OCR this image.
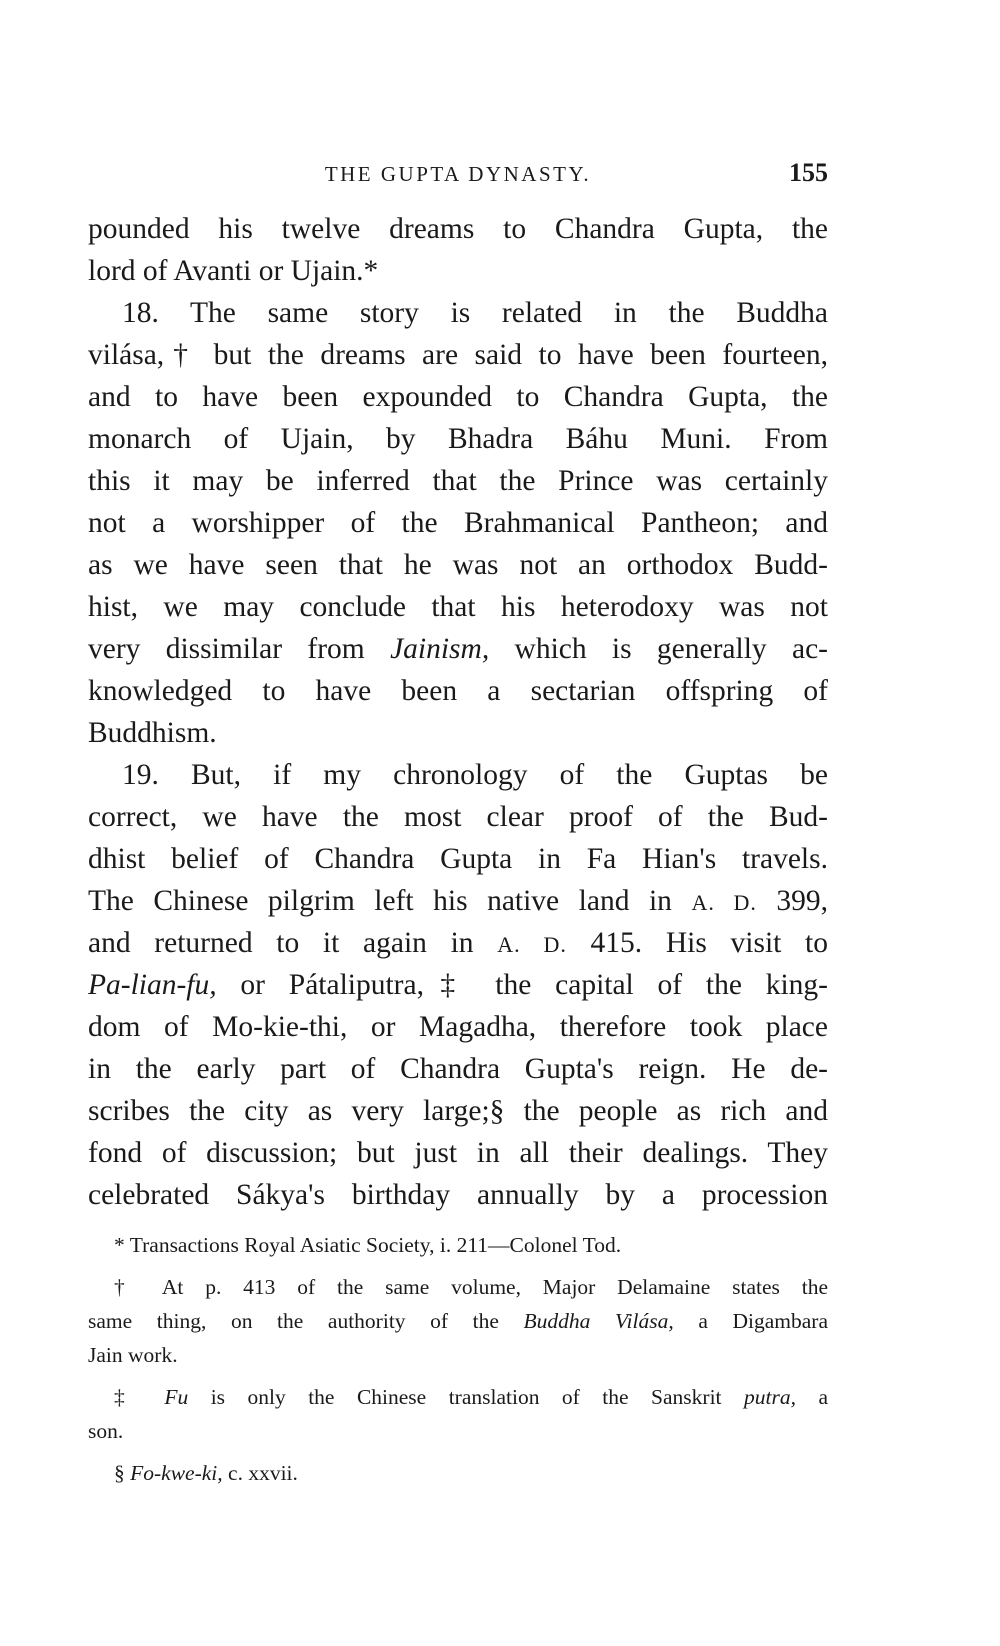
THE GUPTA DYNASTY.	155
pounded his twelve dreams to Chandra Gupta, the
lord of Avanti or Ujain.*
18. The same story is related in the Buddha
vilása,† but the dreams are said to have been fourteen,
and to have been expounded to Chandra Gupta, the
monarch of Ujain, by Bhadra Báhu Muni. From
this it may be inferred that the Prince was certainly
not a worshipper of the Brahmanical Pantheon; and
as we have seen that he was not an orthodox Budd-
hist, we may conclude that his heterodoxy was not
very dissimilar from Jainism, which is generally ac-
knowledged to have been a sectarian offspring of
Buddhism.
19. But, if my chronology of the Guptas be
correct, we have the most clear proof of the Bud-
dhist belief of Chandra Gupta in Fa Hian's travels.
The Chinese pilgrim left his native land in A. D. 399,
and returned to it again in A. D. 415. His visit to
Pa-lian-fu, or Pátaliputra,‡ the capital of the king-
dom of Mo-kie-thi, or Magadha, therefore took place
in the early part of Chandra Gupta's reign. He de-
scribes the city as very large;§ the people as rich and
fond of discussion; but just in all their dealings. They
celebrated Sákya's birthday annually by a procession
* Transactions Royal Asiatic Society, i. 211—Colonel Tod.
† At p. 413 of the same volume, Major Delamaine states the
same thing, on the authority of the Buddha Vilása, a Digambara
Jain work.
‡ Fu is only the Chinese translation of the Sanskrit putra, a
son.
§ Fo-kwe-ki, c. xxvii.
